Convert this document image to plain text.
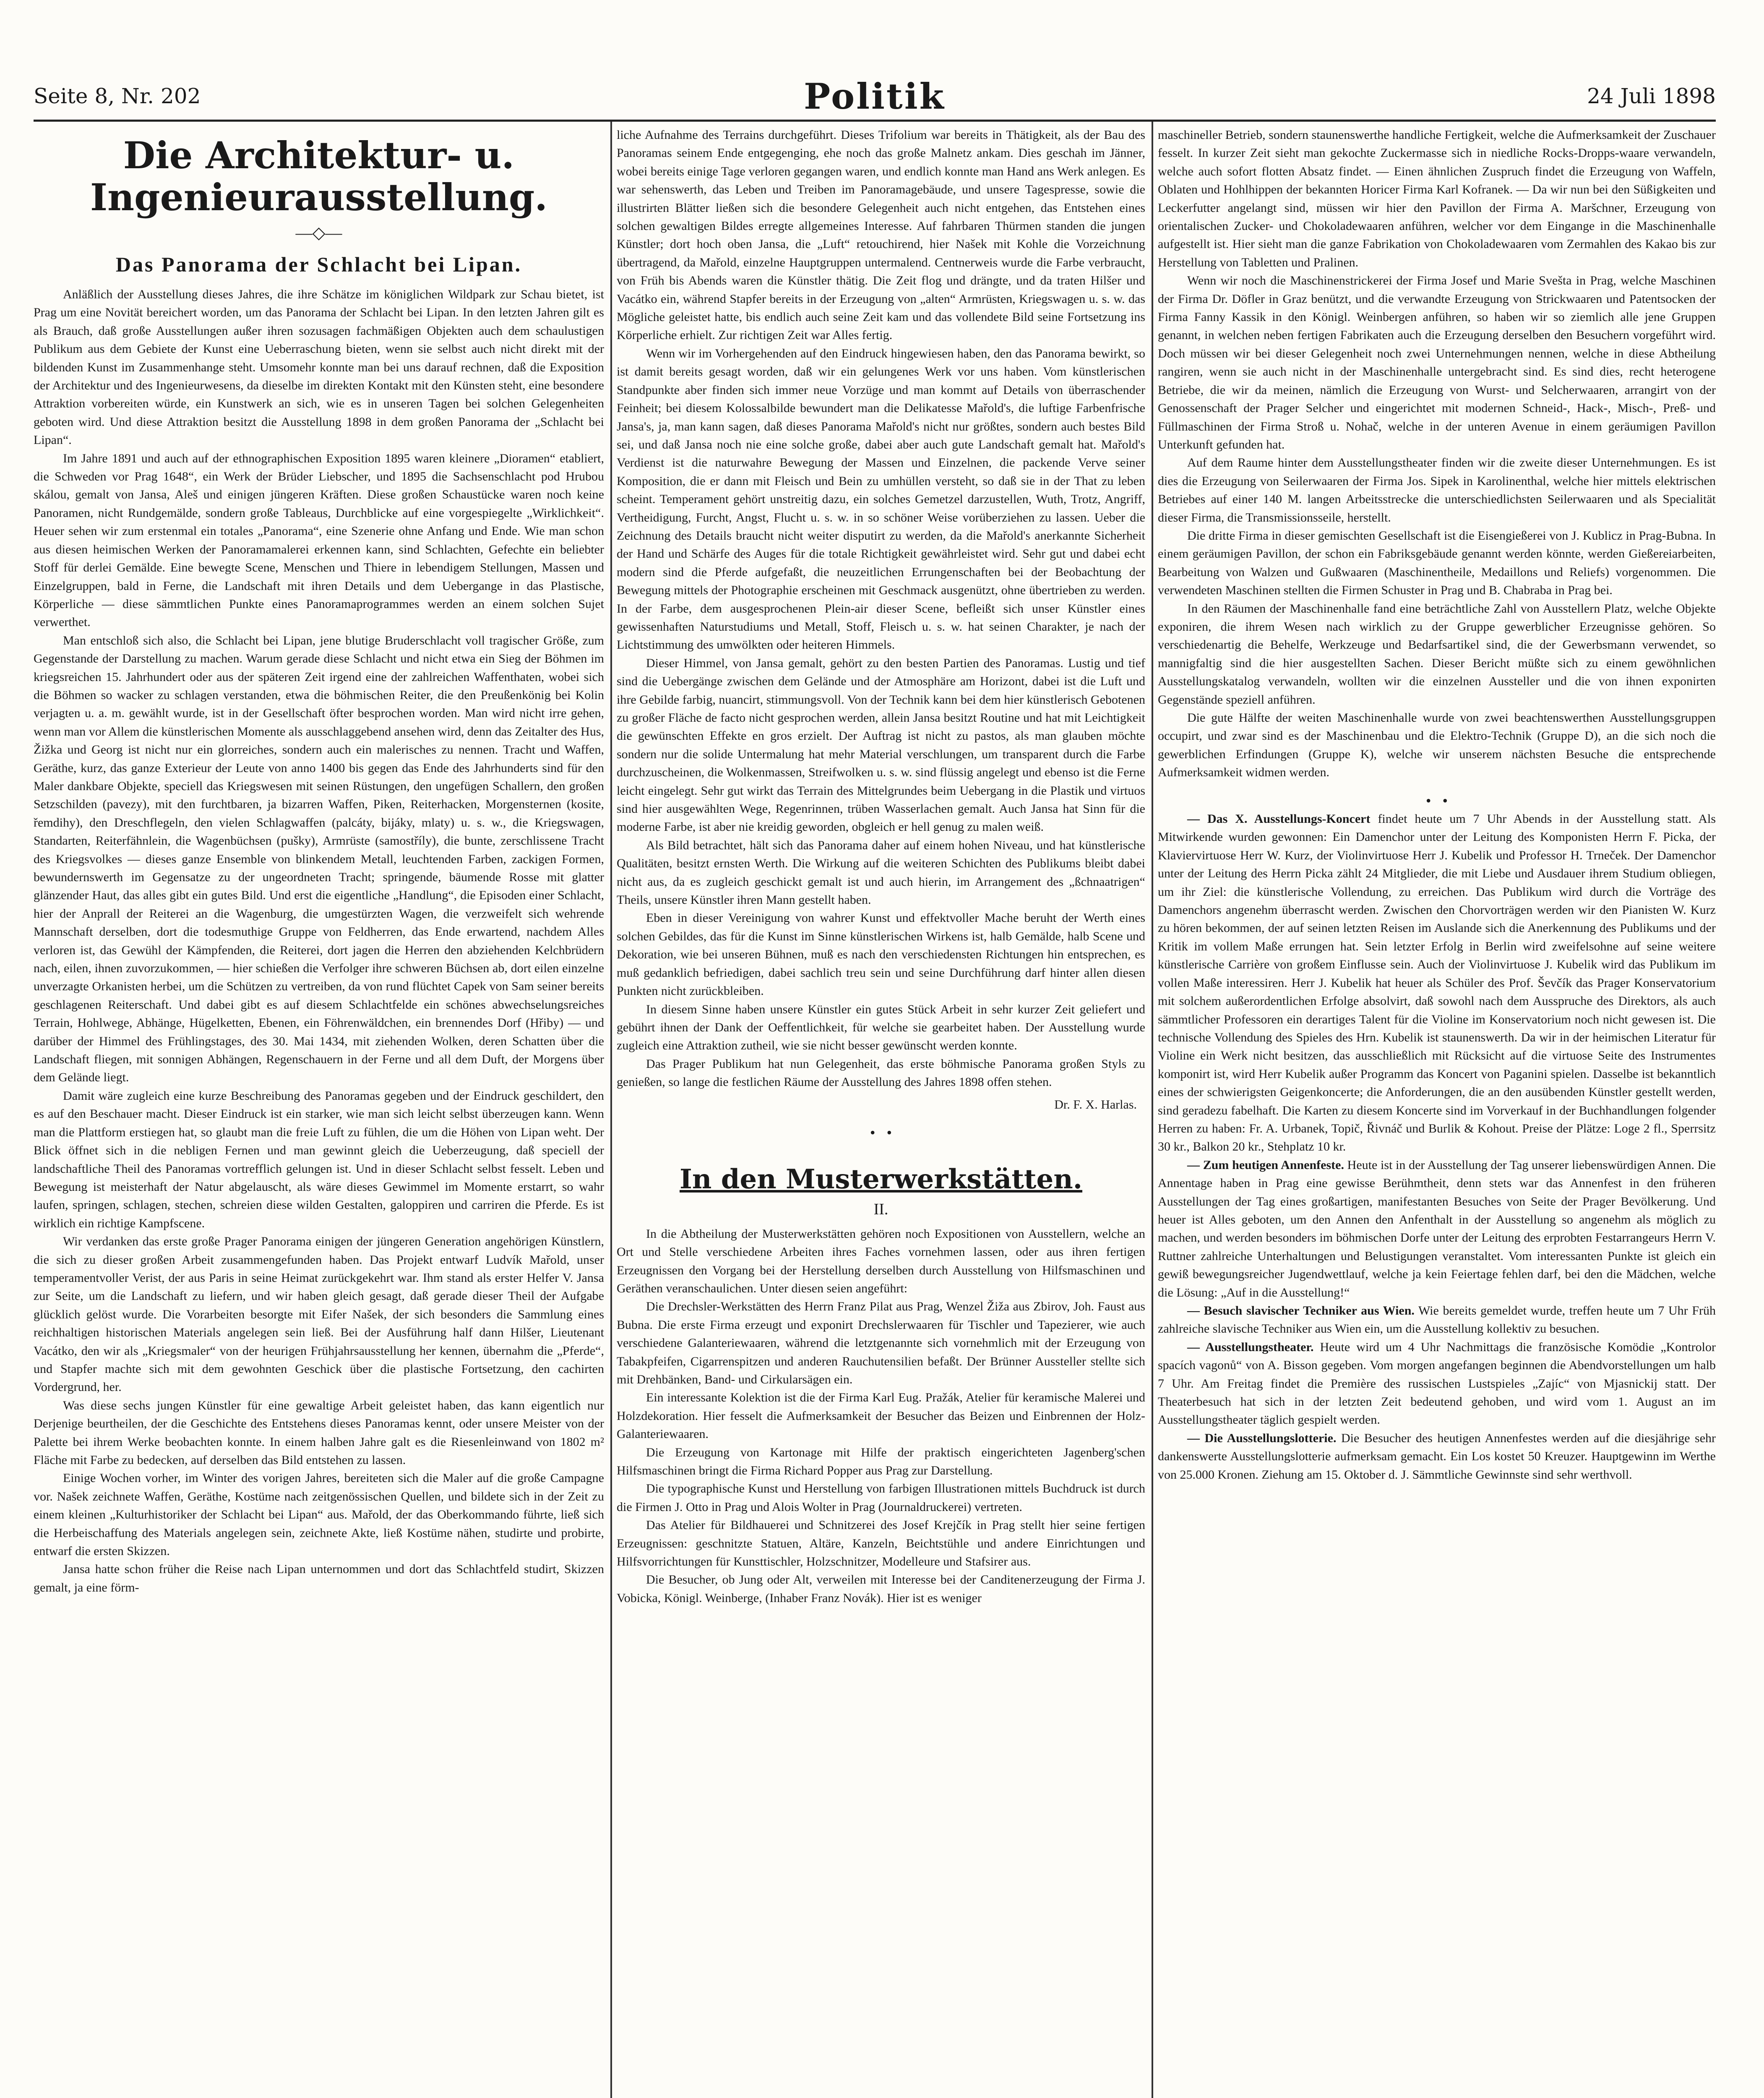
Seite 8, Nr. 202	Politik	24 Juli 1898
Die Architektur- u. Ingenieurausstellung.
—◇—
Das Panorama der Schlacht bei Lipan.

Anläßlich der Ausstellung dieses Jahres, die ihre Schätze im königlichen Wildpark zur Schau bietet, ist Prag um eine Novität bereichert worden, um das Panorama der Schlacht bei Lipan. In den letzten Jahren gilt es als Brauch, daß große Ausstellungen außer ihren sozusagen fachmäßigen Objekten auch dem schaulustigen Publikum aus dem Gebiete der Kunst eine Ueberraschung bieten, wenn sie selbst auch nicht direkt mit der bildenden Kunst im Zusammenhange steht. Umsomehr konnte man bei uns darauf rechnen, daß die Exposition der Architektur und des Ingenieurwesens, da dieselbe im direkten Kontakt mit den Künsten steht, eine besondere Attraktion vorbereiten würde, ein Kunstwerk an sich, wie es in unseren Tagen bei solchen Gelegenheiten geboten wird. Und diese Attraktion besitzt die Ausstellung 1898 in dem großen Panorama der „Schlacht bei Lipan“.

Im Jahre 1891 und auch auf der ethnographischen Exposition 1895 waren kleinere „Dioramen“ etabliert, die Schweden vor Prag 1648“, ein Werk der Brüder Liebscher, und 1895 die Sachsenschlacht pod Hrubou skálou, gemalt von Jansa, Aleš und einigen jüngeren Kräften. Diese großen Schaustücke waren noch keine Panoramen, nicht Rundgemälde, sondern große Tableaus, Durchblicke auf eine vorgespiegelte „Wirklichkeit“. Heuer sehen wir zum erstenmal ein totales „Panorama“, eine Szenerie ohne Anfang und Ende. Wie man schon aus diesen heimischen Werken der Panoramamalerei erkennen kann, sind Schlachten, Gefechte ein beliebter Stoff für derlei Gemälde. Eine bewegte Scene, Menschen und Thiere in lebendigem Stellungen, Massen und Einzelgruppen, bald in Ferne, die Landschaft mit ihren Details und dem Uebergange in das Plastische, Körperliche — diese sämmtlichen Punkte eines Panoramaprogrammes werden an einem solchen Sujet verwerthet.

Man entschloß sich also, die Schlacht bei Lipan, jene blutige Bruderschlacht voll tragischer Größe, zum Gegenstande der Darstellung zu machen. Warum gerade diese Schlacht und nicht etwa ein Sieg der Böhmen im kriegsreichen 15. Jahrhundert oder aus der späteren Zeit irgend eine der zahlreichen Waffenthaten, wobei sich die Böhmen so wacker zu schlagen verstanden, etwa die böhmischen Reiter, die den Preußenkönig bei Kolin verjagten u. a. m. gewählt wurde, ist in der Gesellschaft öfter besprochen worden. Man wird nicht irre gehen, wenn man vor Allem die künstlerischen Momente als ausschlaggebend ansehen wird, denn das Zeitalter des Hus, Žižka und Georg ist nicht nur ein glorreiches, sondern auch ein malerisches zu nennen. Tracht und Waffen, Geräthe, kurz, das ganze Exterieur der Leute von anno 1400 bis gegen das Ende des Jahrhunderts sind für den Maler dankbare Objekte, speciell das Kriegswesen mit seinen Rüstungen, den ungefügen Schallern, den großen Setzschilden (pavezy), mit den furchtbaren, ja bizarren Waffen, Piken, Reiterhacken, Morgensternen (kosite, řemdihy), den Dreschflegeln, den vielen Schlagwaffen (palcáty, bijáky, mlaty) u. s. w., die Kriegswagen, Standarten, Reiterfähnlein, die Wagenbüchsen (pušky), Armrüste (samostříly), die bunte, zerschlissene Tracht des Kriegsvolkes — dieses ganze Ensemble von blinkendem Metall, leuchtenden Farben, zackigen Formen, bewundernswerth im Gegensatze zu der ungeordneten Tracht; springende, bäumende Rosse mit glatter glänzender Haut, das alles gibt ein gutes Bild. Und erst die eigentliche „Handlung“, die Episoden einer Schlacht, hier der Anprall der Reiterei an die Wagenburg, die umgestürzten Wagen, die verzweifelt sich wehrende Mannschaft derselben, dort die todesmuthige Gruppe von Feldherren, das Ende erwartend, nachdem Alles verloren ist, das Gewühl der Kämpfenden, die Reiterei, dort jagen die Herren den abziehenden Kelchbrüdern nach, eilen, ihnen zuvorzukommen, — hier schießen die Verfolger ihre schweren Büchsen ab, dort eilen einzelne unverzagte Orkanisten herbei, um die Schützen zu vertreiben, da von rund flüchtet Capek von Sam seiner bereits geschlagenen Reiterschaft. Und dabei gibt es auf diesem Schlachtfelde ein schönes abwechselungsreiches Terrain, Hohlwege, Abhänge, Hügelketten, Ebenen, ein Föhrenwäldchen, ein brennendes Dorf (Hřiby) — und darüber der Himmel des Frühlingstages, des 30. Mai 1434, mit ziehenden Wolken, deren Schatten über die Landschaft fliegen, mit sonnigen Abhängen, Regenschauern in der Ferne und all dem Duft, der Morgens über dem Gelände liegt.

Damit wäre zugleich eine kurze Beschreibung des Panoramas gegeben und der Eindruck geschildert, den es auf den Beschauer macht. Dieser Eindruck ist ein starker, wie man sich leicht selbst überzeugen kann. Wenn man die Plattform erstiegen hat, so glaubt man die freie Luft zu fühlen, die um die Höhen von Lipan weht. Der Blick öffnet sich in die nebligen Fernen und man gewinnt gleich die Ueberzeugung, daß speciell der landschaftliche Theil des Panoramas vortrefflich gelungen ist. Und in dieser Schlacht selbst fesselt. Leben und Bewegung ist meisterhaft der Natur abgelauscht, als wäre dieses Gewimmel im Momente erstarrt, so wahr laufen, springen, schlagen, stechen, schreien diese wilden Gestalten, galoppiren und carriren die Pferde. Es ist wirklich ein richtige Kampfscene.

Wir verdanken das erste große Prager Panorama einigen der jüngeren Generation angehörigen Künstlern, die sich zu dieser großen Arbeit zusammengefunden haben. Das Projekt entwarf Ludvík Mařold, unser temperamentvoller Verist, der aus Paris in seine Heimat zurückgekehrt war. Ihm stand als erster Helfer V. Jansa zur Seite, um die Landschaft zu liefern, und wir haben gleich gesagt, daß gerade dieser Theil der Aufgabe glücklich gelöst wurde. Die Vorarbeiten besorgte mit Eifer Našek, der sich besonders die Sammlung eines reichhaltigen historischen Materials angelegen sein ließ. Bei der Ausführung half dann Hilšer, Lieutenant Vacátko, den wir als „Kriegsmaler“ von der heurigen Frühjahrsausstellung her kennen, übernahm die „Pferde“, und Stapfer machte sich mit dem gewohnten Geschick über die plastische Fortsetzung, den cachirten Vordergrund, her.

Was diese sechs jungen Künstler für eine gewaltige Arbeit geleistet haben, das kann eigentlich nur Derjenige beurtheilen, der die Geschichte des Entstehens dieses Panoramas kennt, oder unsere Meister von der Palette bei ihrem Werke beobachten konnte. In einem halben Jahre galt es die Riesenleinwand von 1802 m² Fläche mit Farbe zu bedecken, auf derselben das Bild entstehen zu lassen.

Einige Wochen vorher, im Winter des vorigen Jahres, bereiteten sich die Maler auf die große Campagne vor. Našek zeichnete Waffen, Geräthe, Kostüme nach zeitgenössischen Quellen, und bildete sich in der Zeit zu einem kleinen „Kulturhistoriker der Schlacht bei Lipan“ aus. Mařold, der das Oberkommando führte, ließ sich die Herbeischaffung des Materials angelegen sein, zeichnete Akte, ließ Kostüme nähen, studirte und probirte, entwarf die ersten Skizzen.

Jansa hatte schon früher die Reise nach Lipan unternommen und dort das Schlachtfeld studirt, Skizzen gemalt, ja eine förm-

liche Aufnahme des Terrains durchgeführt. Dieses Trifolium war bereits in Thätigkeit, als der Bau des Panoramas seinem Ende entgegenging, ehe noch das große Malnetz ankam. Dies geschah im Jänner, wobei bereits einige Tage verloren gegangen waren, und endlich konnte man Hand ans Werk anlegen. Es war sehenswerth, das Leben und Treiben im Panoramagebäude, und unsere Tagespresse, sowie die illustrirten Blätter ließen sich die besondere Gelegenheit auch nicht entgehen, das Entstehen eines solchen gewaltigen Bildes erregte allgemeines Interesse. Auf fahrbaren Thürmen standen die jungen Künstler; dort hoch oben Jansa, die „Luft“ retouchirend, hier Našek mit Kohle die Vorzeichnung übertragend, da Mařold, einzelne Hauptgruppen untermalend. Centnerweis wurde die Farbe verbraucht, von Früh bis Abends waren die Künstler thätig. Die Zeit flog und drängte, und da traten Hilšer und Vacátko ein, während Stapfer bereits in der Erzeugung von „alten“ Armrüsten, Kriegswagen u. s. w. das Mögliche geleistet hatte, bis endlich auch seine Zeit kam und das vollendete Bild seine Fortsetzung ins Körperliche erhielt. Zur richtigen Zeit war Alles fertig.

Wenn wir im Vorhergehenden auf den Eindruck hingewiesen haben, den das Panorama bewirkt, so ist damit bereits gesagt worden, daß wir ein gelungenes Werk vor uns haben. Vom künstlerischen Standpunkte aber finden sich immer neue Vorzüge und man kommt auf Details von überraschender Feinheit; bei diesem Kolossalbilde bewundert man die Delikatesse Mařold's, die luftige Farbenfrische Jansa's, ja, man kann sagen, daß dieses Panorama Mařold's nicht nur größtes, sondern auch bestes Bild sei, und daß Jansa noch nie eine solche große, dabei aber auch gute Landschaft gemalt hat. Mařold's Verdienst ist die naturwahre Bewegung der Massen und Einzelnen, die packende Verve seiner Komposition, die er dann mit Fleisch und Bein zu umhüllen versteht, so daß sie in der That zu leben scheint. Temperament gehört unstreitig dazu, ein solches Gemetzel darzustellen, Wuth, Trotz, Angriff, Vertheidigung, Furcht, Angst, Flucht u. s. w. in so schöner Weise vorüberziehen zu lassen. Ueber die Zeichnung des Details braucht nicht weiter disputirt zu werden, da die Mařold's anerkannte Sicherheit der Hand und Schärfe des Auges für die totale Richtigkeit gewährleistet wird. Sehr gut und dabei echt modern sind die Pferde aufgefaßt, die neuzeitlichen Errungenschaften bei der Beobachtung der Bewegung mittels der Photographie erscheinen mit Geschmack ausgenützt, ohne übertrieben zu werden. In der Farbe, dem ausgesprochenen Plein-air dieser Scene, befleißt sich unser Künstler eines gewissenhaften Naturstudiums und Metall, Stoff, Fleisch u. s. w. hat seinen Charakter, je nach der Lichtstimmung des umwölkten oder heiteren Himmels.

Dieser Himmel, von Jansa gemalt, gehört zu den besten Partien des Panoramas. Lustig und tief sind die Uebergänge zwischen dem Gelände und der Atmosphäre am Horizont, dabei ist die Luft und ihre Gebilde farbig, nuancirt, stimmungsvoll. Von der Technik kann bei dem hier künstlerisch Gebotenen zu großer Fläche de facto nicht gesprochen werden, allein Jansa besitzt Routine und hat mit Leichtigkeit die gewünschten Effekte en gros erzielt. Der Auftrag ist nicht zu pastos, als man glauben möchte sondern nur die solide Untermalung hat mehr Material verschlungen, um transparent durch die Farbe durchzuscheinen, die Wolkenmassen, Streifwolken u. s. w. sind flüssig angelegt und ebenso ist die Ferne leicht eingelegt. Sehr gut wirkt das Terrain des Mittelgrundes beim Uebergang in die Plastik und virtuos sind hier ausgewählten Wege, Regenrinnen, trüben Wasserlachen gemalt. Auch Jansa hat Sinn für die moderne Farbe, ist aber nie kreidig geworden, obgleich er hell genug zu malen weiß.

Als Bild betrachtet, hält sich das Panorama daher auf einem hohen Niveau, und hat künstlerische Qualitäten, besitzt ernsten Werth. Die Wirkung auf die weiteren Schichten des Publikums bleibt dabei nicht aus, da es zugleich geschickt gemalt ist und auch hierin, im Arrangement des „ßchnaatrigen“ Theils, unsere Künstler ihren Mann gestellt haben.

Eben in dieser Vereinigung von wahrer Kunst und effektvoller Mache beruht der Werth eines solchen Gebildes, das für die Kunst im Sinne künstlerischen Wirkens ist, halb Gemälde, halb Scene und Dekoration, wie bei unseren Bühnen, muß es nach den verschiedensten Richtungen hin entsprechen, es muß gedanklich befriedigen, dabei sachlich treu sein und seine Durchführung darf hinter allen diesen Punkten nicht zurückbleiben.

In diesem Sinne haben unsere Künstler ein gutes Stück Arbeit in sehr kurzer Zeit geliefert und gebührt ihnen der Dank der Oeffentlichkeit, für welche sie gearbeitet haben. Der Ausstellung wurde zugleich eine Attraktion zutheil, wie sie nicht besser gewünscht werden konnte.

Das Prager Publikum hat nun Gelegenheit, das erste böhmische Panorama großen Styls zu genießen, so lange die festlichen Räume der Ausstellung des Jahres 1898 offen stehen.

Dr. F. X. Harlas.
•   •
In den Musterwerkstätten.
II.

In die Abtheilung der Musterwerkstätten gehören noch Expositionen von Ausstellern, welche an Ort und Stelle verschiedene Arbeiten ihres Faches vornehmen lassen, oder aus ihren fertigen Erzeugnissen den Vorgang bei der Herstellung derselben durch Ausstellung von Hilfsmaschinen und Geräthen veranschaulichen. Unter diesen seien angeführt:

Die Drechsler-Werkstätten des Herrn Franz Pilat aus Prag, Wenzel Žiža aus Zbirov, Joh. Faust aus Bubna. Die erste Firma erzeugt und exponirt Drechslerwaaren für Tischler und Tapezierer, wie auch verschiedene Galanteriewaaren, während die letztgenannte sich vornehmlich mit der Erzeugung von Tabakpfeifen, Cigarrenspitzen und anderen Rauchutensilien befaßt. Der Brünner Aussteller stellte sich mit Drehbänken, Band- und Cirkularsägen ein.

Ein interessante Kolektion ist die der Firma Karl Eug. Pražák, Atelier für keramische Malerei und Holzdekoration. Hier fesselt die Aufmerksamkeit der Besucher das Beizen und Einbrennen der Holz-Galanteriewaaren.

Die Erzeugung von Kartonage mit Hilfe der praktisch eingerichteten Jagenberg'schen Hilfsmaschinen bringt die Firma Richard Popper aus Prag zur Darstellung.

Die typographische Kunst und Herstellung von farbigen Illustrationen mittels Buchdruck ist durch die Firmen J. Otto in Prag und Alois Wolter in Prag (Journaldruckerei) vertreten.

Das Atelier für Bildhauerei und Schnitzerei des Josef Krejčík in Prag stellt hier seine fertigen Erzeugnissen: geschnitzte Statuen, Altäre, Kanzeln, Beichtstühle und andere Einrichtungen und Hilfsvorrichtungen für Kunsttischler, Holzschnitzer, Modelleure und Stafsirer aus.

Die Besucher, ob Jung oder Alt, verweilen mit Interesse bei der Canditenerzeugung der Firma J. Vobicka, Königl. Weinberge, (Inhaber Franz Novák). Hier ist es weniger

maschineller Betrieb, sondern staunenswerthe handliche Fertigkeit, welche die Aufmerksamkeit der Zuschauer fesselt. In kurzer Zeit sieht man gekochte Zuckermasse sich in niedliche Rocks-Dropps-waare verwandeln, welche auch sofort flotten Absatz findet. — Einen ähnlichen Zuspruch findet die Erzeugung von Waffeln, Oblaten und Hohlhippen der bekannten Horicer Firma Karl Kofranek. — Da wir nun bei den Süßigkeiten und Leckerfutter angelangt sind, müssen wir hier den Pavillon der Firma A. Maršchner, Erzeugung von orientalischen Zucker- und Chokoladewaaren anführen, welcher vor dem Eingange in die Maschinenhalle aufgestellt ist. Hier sieht man die ganze Fabrikation von Chokoladewaaren vom Zermahlen des Kakao bis zur Herstellung von Tabletten und Pralinen.

Wenn wir noch die Maschinenstrickerei der Firma Josef und Marie Svešta in Prag, welche Maschinen der Firma Dr. Döfler in Graz benützt, und die verwandte Erzeugung von Strickwaaren und Patentsocken der Firma Fanny Kassik in den Königl. Weinbergen anführen, so haben wir so ziemlich alle jene Gruppen genannt, in welchen neben fertigen Fabrikaten auch die Erzeugung derselben den Besuchern vorgeführt wird. Doch müssen wir bei dieser Gelegenheit noch zwei Unternehmungen nennen, welche in diese Abtheilung rangiren, wenn sie auch nicht in der Maschinenhalle untergebracht sind. Es sind dies, recht heterogene Betriebe, die wir da meinen, nämlich die Erzeugung von Wurst- und Selcherwaaren, arrangirt von der Genossenschaft der Prager Selcher und eingerichtet mit modernen Schneid-, Hack-, Misch-, Preß- und Füllmaschinen der Firma Stroß u. Nohač, welche in der unteren Avenue in einem geräumigen Pavillon Unterkunft gefunden hat.

Auf dem Raume hinter dem Ausstellungstheater finden wir die zweite dieser Unternehmungen. Es ist dies die Erzeugung von Seilerwaaren der Firma Jos. Sipek in Karolinenthal, welche hier mittels elektrischen Betriebes auf einer 140 M. langen Arbeitsstrecke die unterschiedlichsten Seilerwaaren und als Specialität dieser Firma, die Transmissionsseile, herstellt.

Die dritte Firma in dieser gemischten Gesellschaft ist die Eisengießerei von J. Kublicz in Prag-Bubna. In einem geräumigen Pavillon, der schon ein Fabriksgebäude genannt werden könnte, werden Gießereiarbeiten, Bearbeitung von Walzen und Gußwaaren (Maschinentheile, Medaillons und Reliefs) vorgenommen. Die verwendeten Maschinen stellten die Firmen Schuster in Prag und B. Chabraba in Prag bei.

In den Räumen der Maschinenhalle fand eine beträchtliche Zahl von Ausstellern Platz, welche Objekte exponiren, die ihrem Wesen nach wirklich zu der Gruppe gewerblicher Erzeugnisse gehören. So verschiedenartig die Behelfe, Werkzeuge und Bedarfsartikel sind, die der Gewerbsmann verwendet, so mannigfaltig sind die hier ausgestellten Sachen. Dieser Bericht müßte sich zu einem gewöhnlichen Ausstellungskatalog verwandeln, wollten wir die einzelnen Aussteller und die von ihnen exponirten Gegenstände speziell anführen.

Die gute Hälfte der weiten Maschinenhalle wurde von zwei beachtenswerthen Ausstellungsgruppen occupirt, und zwar sind es der Maschinenbau und die Elektro-Technik (Gruppe D), an die sich noch die gewerblichen Erfindungen (Gruppe K), welche wir unserem nächsten Besuche die entsprechende Aufmerksamkeit widmen werden.

•   •

— Das X. Ausstellungs-Koncert findet heute um 7 Uhr Abends in der Ausstellung statt. Als Mitwirkende wurden gewonnen: Ein Damenchor unter der Leitung des Komponisten Herrn F. Picka, der Klaviervirtuose Herr W. Kurz, der Violinvirtuose Herr J. Kubelik und Professor H. Trneček. Der Damenchor unter der Leitung des Herrn Picka zählt 24 Mitglieder, die mit Liebe und Ausdauer ihrem Studium obliegen, um ihr Ziel: die künstlerische Vollendung, zu erreichen. Das Publikum wird durch die Vorträge des Damenchors angenehm überrascht werden. Zwischen den Chorvorträgen werden wir den Pianisten W. Kurz zu hören bekommen, der auf seinen letzten Reisen im Auslande sich die Anerkennung des Publikums und der Kritik im vollem Maße errungen hat. Sein letzter Erfolg in Berlin wird zweifelsohne auf seine weitere künstlerische Carrière von großem Einflusse sein. Auch der Violinvirtuose J. Kubelik wird das Publikum im vollen Maße interessiren. Herr J. Kubelik hat heuer als Schüler des Prof. Ševčík das Prager Konservatorium mit solchem außerordentlichen Erfolge absolvirt, daß sowohl nach dem Ausspruche des Direktors, als auch sämmtlicher Professoren ein derartiges Talent für die Violine im Konservatorium noch nicht gewesen ist. Die technische Vollendung des Spieles des Hrn. Kubelik ist staunenswerth. Da wir in der heimischen Literatur für Violine ein Werk nicht besitzen, das ausschließlich mit Rücksicht auf die virtuose Seite des Instrumentes komponirt ist, wird Herr Kubelik außer Programm das Koncert von Paganini spielen. Dasselbe ist bekanntlich eines der schwierigsten Geigenkoncerte; die Anforderungen, die an den ausübenden Künstler gestellt werden, sind geradezu fabelhaft. Die Karten zu diesem Koncerte sind im Vorverkauf in der Buchhandlungen folgender Herren zu haben: Fr. A. Urbanek, Topič, Řivnáč und Burlik & Kohout. Preise der Plätze: Loge 2 fl., Sperrsitz 30 kr., Balkon 20 kr., Stehplatz 10 kr.

— Zum heutigen Annenfeste. Heute ist in der Ausstellung der Tag unserer liebenswürdigen Annen. Die Annentage haben in Prag eine gewisse Berühmtheit, denn stets war das Annenfest in den früheren Ausstellungen der Tag eines großartigen, manifestanten Besuches von Seite der Prager Bevölkerung. Und heuer ist Alles geboten, um den Annen den Anfenthalt in der Ausstellung so angenehm als möglich zu machen, und werden besonders im böhmischen Dorfe unter der Leitung des erprobten Festarrangeurs Herrn V. Ruttner zahlreiche Unterhaltungen und Belustigungen veranstaltet. Vom interessanten Punkte ist gleich ein gewiß bewegungsreicher Jugendwettlauf, welche ja kein Feiertage fehlen darf, bei den die Mädchen, welche die Lösung: „Auf in die Ausstellung!“

— Besuch slavischer Techniker aus Wien. Wie bereits gemeldet wurde, treffen heute um 7 Uhr Früh zahlreiche slavische Techniker aus Wien ein, um die Ausstellung kollektiv zu besuchen.

— Ausstellungstheater. Heute wird um 4 Uhr Nachmittags die französische Komödie „Kontrolor spacích vagonů“ von A. Bisson gegeben. Vom morgen angefangen beginnen die Abendvorstellungen um halb 7 Uhr. Am Freitag findet die Première des russischen Lustspieles „Zajíc“ von Mjasnickij statt. Der Theaterbesuch hat sich in der letzten Zeit bedeutend gehoben, und wird vom 1. August an im Ausstellungstheater täglich gespielt werden.

— Die Ausstellungslotterie. Die Besucher des heutigen Annenfestes werden auf die diesjährige sehr dankenswerte Ausstellungslotterie aufmerksam gemacht. Ein Los kostet 50 Kreuzer. Hauptgewinn im Werthe von 25.000 Kronen. Ziehung am 15. Oktober d. J. Sämmtliche Gewinnste sind sehr werthvoll.
